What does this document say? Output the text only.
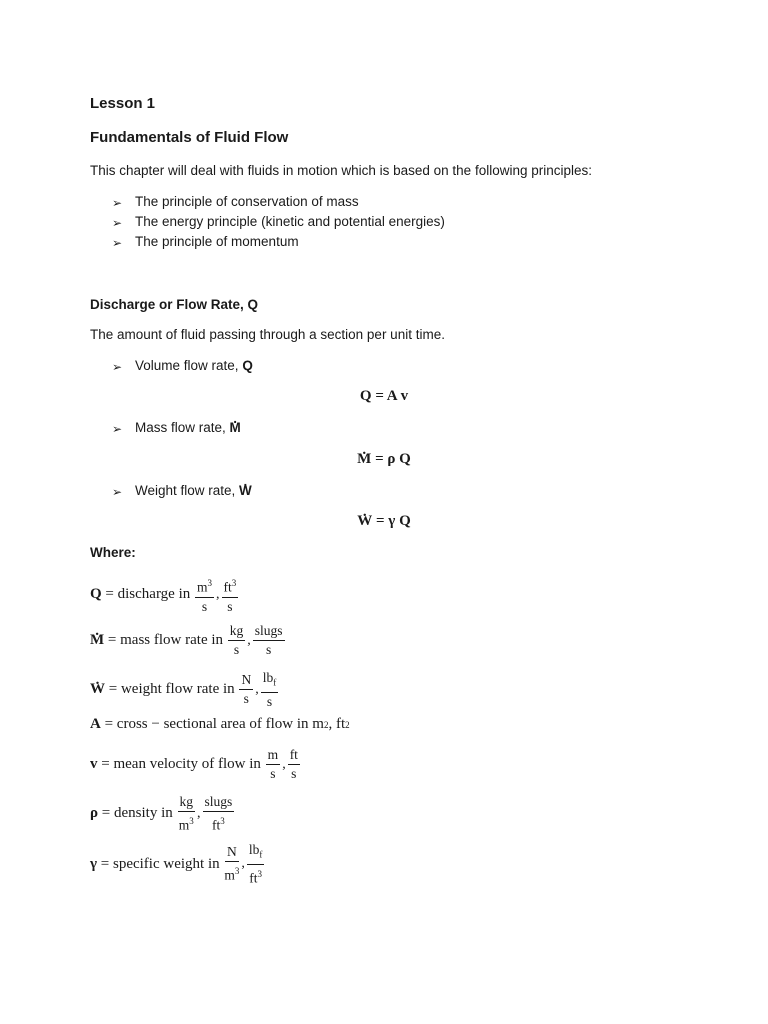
Lesson 1
Fundamentals of Fluid Flow
This chapter will deal with fluids in motion which is based on the following principles:
➢ The principle of conservation of mass
➢ The energy principle (kinetic and potential energies)
➢ The principle of momentum
Discharge or Flow Rate, Q
The amount of fluid passing through a section per unit time.
➢ Volume flow rate, Q
Q = A v
➢ Mass flow rate, . M
. M = ρ Q
➢ Weight flow rate, . W
. W = γ Q
Where:
Q = discharge in $\frac{m^3}{s}$ , $\frac{ft^3}{s}$
. M = mass flow rate in $\frac{kg}{s}$ , $\frac{\text{slugs}}{s}$
. W = weight flow rate in $\frac{N}{s}$ , $\frac{lb_f}{s}$
A = cross − sectional area of flow in m 2 , ft 2
v = mean velocity of flow in $\frac{m}{s}$ , $\frac{ft}{s}$
ρ = density in $\frac{kg}{m^3}$ , $\frac{\text{slugs}}{ft^3}$
γ = specific weight in $\frac{N}{m^3}$ , $\frac{lb_f}{ft^3}$
